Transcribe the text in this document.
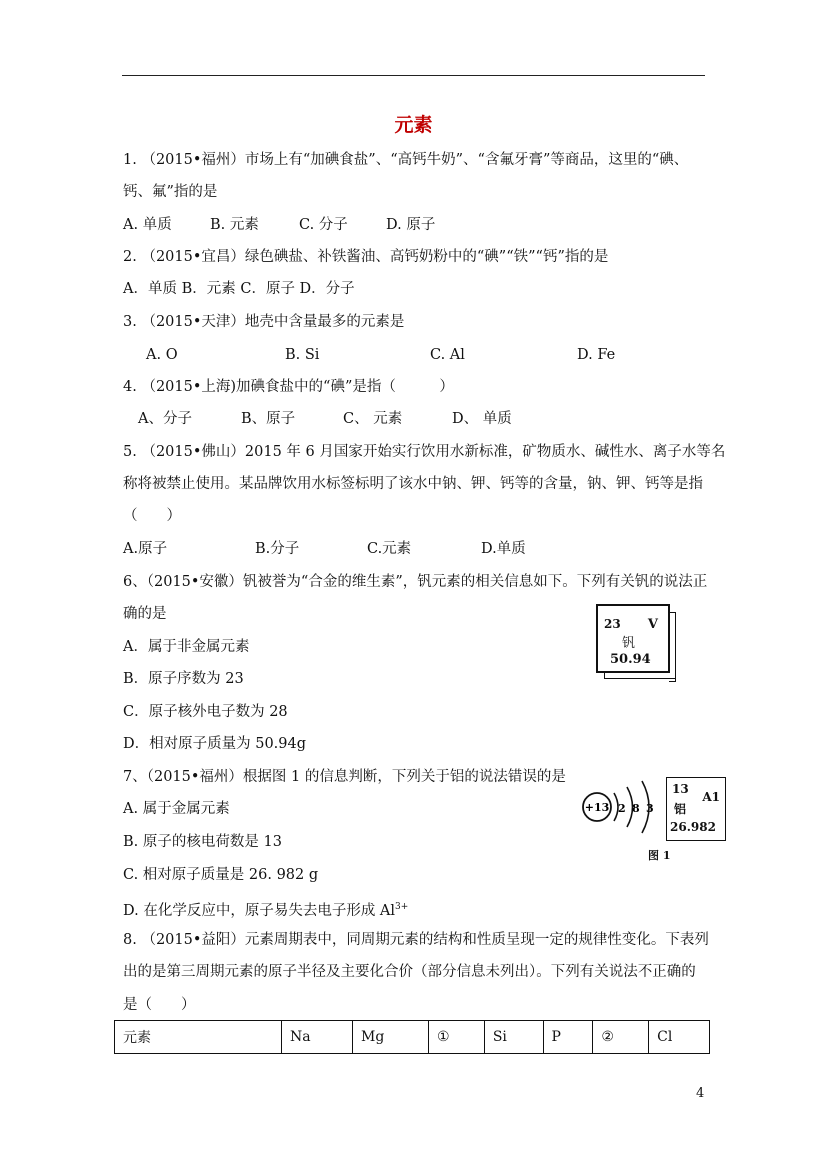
元素
1. （2015•福州）市场上有“加碘食盐”、“高钙牛奶”、“含氟牙膏”等商品，这里的“碘、
钙、氟”指的是
A. 单质	B. 元素	C. 分子	D. 原子
2. （2015•宜昌）绿色碘盐、补铁酱油、高钙奶粉中的“碘”“铁”“钙”指的是
A．单质 B．元素 C．原子 D．分子
3. （2015•天津）地壳中含量最多的元素是
A. O	B. Si	C. Al	D. Fe
4. （2015•上海)加碘食盐中的“碘”是指（　　　）
A、分子	B、原子	C、 元素	D、 单质
5. （2015•佛山）2015 年 6 月国家开始实行饮用水新标准，矿物质水、碱性水、离子水等名
称将被禁止使用。某品牌饮用水标签标明了该水中钠、钾、钙等的含量，钠、钾、钙等是指
（　　）
A.原子	B.分子	C.元素	D.单质
6、（2015•安徽）钒被誉为“合金的维生素”，钒元素的相关信息如下。下列有关钒的说法正
确的是
A．属于非金属元素
B．原子序数为 23
C．原子核外电子数为 28
D．相对原子质量为 50.94g
23 V
钒
50.94
7、（2015•福州）根据图 1 的信息判断，下列关于铝的说法错误的是
A. 属于金属元素
B. 原子的核电荷数是 13
C. 相对原子质量是 26. 982 g
D. 在化学反应中，原子易失去电子形成 $Al^{3+}$
+13 2 8 3
13
A1
铝
26.982
图 1
8. （2015•益阳）元素周期表中，同周期元素的结构和性质呈现一定的规律性变化。下表列
出的是第三周期元素的原子半径及主要化合价（部分信息未列出）。下列有关说法不正确的
是（　　）
元素	Na	Mg	①	Si	P	②	Cl
4
